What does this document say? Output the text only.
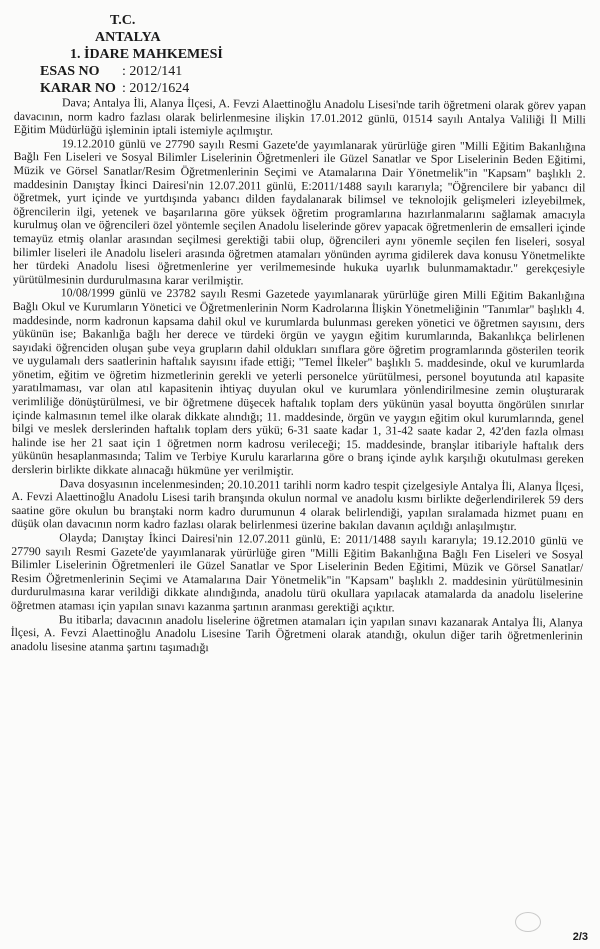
T.C.
ANTALYA
1. İDARE MAHKEMESİ
ESAS NO : 2012/141
KARAR NO : 2012/1624

Dava; Antalya İli, Alanya İlçesi, A. Fevzi Alaettinoğlu Anadolu Lisesi'nde tarih öğretmeni olarak görev yapan davacının, norm kadro fazlası olarak belirlenmesine ilişkin 17.01.2012 günlü, 01514 sayılı Antalya Valiliği İl Milli Eğitim Müdürlüğü işleminin iptali istemiyle açılmıştır.

19.12.2010 günlü ve 27790 sayılı Resmi Gazete'de yayımlanarak yürürlüğe giren "Milli Eğitim Bakanlığına Bağlı Fen Liseleri ve Sosyal Bilimler Liselerinin Öğretmenleri ile Güzel Sanatlar ve Spor Liselerinin Beden Eğitimi, Müzik ve Görsel Sanatlar/Resim Öğretmenlerinin Seçimi ve Atamalarına Dair Yönetmelik"in "Kapsam" başlıklı 2. maddesinin Danıştay İkinci Dairesi'nin 12.07.2011 günlü, E:2011/1488 sayılı kararıyla; "Öğrencilere bir yabancı dil öğretmek, yurt içinde ve yurtdışında yabancı dilden faydalanarak bilimsel ve teknolojik gelişmeleri izleyebilmek, öğrencilerin ilgi, yetenek ve başarılarına göre yüksek öğretim programlarına hazırlanmalarını sağlamak amacıyla kurulmuş olan ve öğrencileri özel yöntemle seçilen Anadolu liselerinde görev yapacak öğretmenlerin de emsalleri içinde temayüz etmiş olanlar arasından seçilmesi gerektiği tabii olup, öğrencileri aynı yönemle seçilen fen liseleri, sosyal bilimler liseleri ile Anadolu liseleri arasında öğretmen atamaları yönünden ayrıma gidilerek dava konusu Yönetmelikte her türdeki Anadolu lisesi öğretmenlerine yer verilmemesinde hukuka uyarlık bulunmamaktadır." gerekçesiyle yürütülmesinin durdurulmasına karar verilmiştir.

10/08/1999 günlü ve 23782 sayılı Resmi Gazetede yayımlanarak yürürlüğe giren Milli Eğitim Bakanlığına Bağlı Okul ve Kurumların Yönetici ve Öğretmenlerinin Norm Kadrolarına İlişkin Yönetmeliğinin "Tanımlar" başlıklı 4. maddesinde, norm kadronun kapsama dahil okul ve kurumlarda bulunması gereken yönetici ve öğretmen sayısını, ders yükünün ise; Bakanlığa bağlı her derece ve türdeki örgün ve yaygın eğitim kurumlarında, Bakanlıkça belirlenen sayıdaki öğrenciden oluşan şube veya grupların dahil oldukları sınıflara göre öğretim programlarında gösterilen teorik ve uygulamalı ders saatlerinin haftalık sayısını ifade ettiği; "Temel İlkeler" başlıklı 5. maddesinde, okul ve kurumlarda yönetim, eğitim ve öğretim hizmetlerinin gerekli ve yeterli personelce yürütülmesi, personel boyutunda atıl kapasite yaratılmaması, var olan atıl kapasitenin ihtiyaç duyulan okul ve kurumlara yönlendirilmesine zemin oluşturarak verimliliğe dönüştürülmesi, ve bir öğretmene düşecek haftalık toplam ders yükünün yasal boyutta öngörülen sınırlar içinde kalmasının temel ilke olarak dikkate alındığı; 11. maddesinde, örgün ve yaygın eğitim okul kurumlarında, genel bilgi ve meslek derslerinden haftalık toplam ders yükü; 6-31 saate kadar 1, 31-42 saate kadar 2, 42'den fazla olması halinde ise her 21 saat için 1 öğretmen norm kadrosu verileceği; 15. maddesinde, branşlar itibariyle haftalık ders yükünün hesaplanmasında; Talim ve Terbiye Kurulu kararlarına göre o branş içinde aylık karşılığı okutulması gereken derslerin birlikte dikkate alınacağı hükmüne yer verilmiştir.

Dava dosyasının incelenmesinden; 20.10.2011 tarihli norm kadro tespit çizelgesiyle Antalya İli, Alanya İlçesi, A. Fevzi Alaettinoğlu Anadolu Lisesi tarih branşında okulun normal ve anadolu kısmı birlikte değerlendirilerek 59 ders saatine göre okulun bu branştaki norm kadro durumunun 4 olarak belirlendiği, yapılan sıralamada hizmet puanı en düşük olan davacının norm kadro fazlası olarak belirlenmesi üzerine bakılan davanın açıldığı anlaşılmıştır.

Olayda; Danıştay İkinci Dairesi'nin 12.07.2011 günlü, E: 2011/1488 sayılı kararıyla; 19.12.2010 günlü ve 27790 sayılı Resmi Gazete'de yayımlanarak yürürlüğe giren "Milli Eğitim Bakanlığına Bağlı Fen Liseleri ve Sosyal Bilimler Liselerinin Öğretmenleri ile Güzel Sanatlar ve Spor Liselerinin Beden Eğitimi, Müzik ve Görsel Sanatlar/ Resim Öğretmenlerinin Seçimi ve Atamalarına Dair Yönetmelik"in "Kapsam" başlıklı 2. maddesinin yürütülmesinin durdurulmasına karar verildiği dikkate alındığında, anadolu türü okullara yapılacak atamalarda da anadolu liselerine öğretmen ataması için yapılan sınavı kazanma şartının aranması gerektiği açıktır.

Bu itibarla; davacının anadolu liselerine öğretmen atamaları için yapılan sınavı kazanarak Antalya İli, Alanya İlçesi, A. Fevzi Alaettinoğlu Anadolu Lisesine Tarih Öğretmeni olarak atandığı, okulun diğer tarih öğretmenlerinin anadolu lisesine atanma şartını taşımadığı

2/3
